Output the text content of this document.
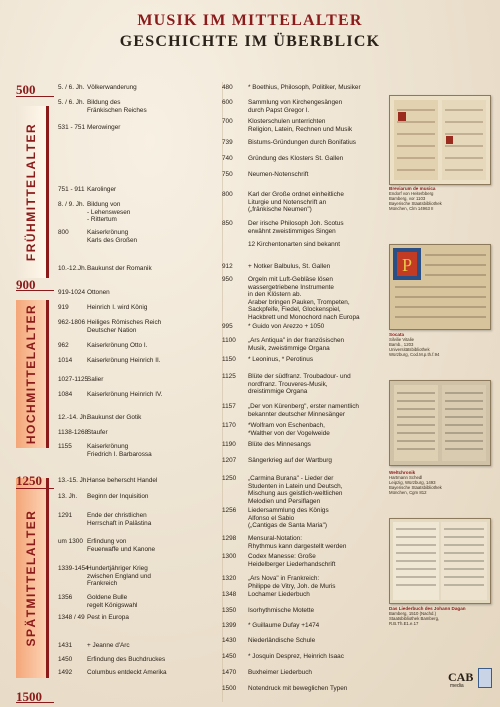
MUSIK IM MITTELALTER
GESCHICHTE IM ÜBERBLICK
FRÜHMITTELALTER
HOCHMITTELALTER
SPÄTMITTELALTER
500
900
1250
1500
5. / 6. Jh. Völkerwanderung
5. / 6. Jh. Bildung des
Fränkischen Reiches
531 - 751 Merowinger
751 - 911 Karolinger
8. / 9. Jh. Bildung von
- Lehenswesen
- Rittertum
800	Kaiserkrönung
Karls des Großen
10.-12.Jh. Baukunst der Romanik
919-1024 Ottonen
919	Heinrich I. wird König
962-1806 Heiliges Römisches Reich
Deutscher Nation
962	Kaiserkrönung Otto I.
1014	Kaiserkrönung Heinrich II.
1027-1125
Salier
1084	Kaiserkrönung Heinrich IV.
12.-14. Jh.
Baukunst der Gotik
1138-1268
Staufer
1155	Kaiserkrönung
Friedrich I. Barbarossa
13.-15. Jh.
Hanse beherscht Handel
13. Jh.	Beginn der Inquisition
1291	Ende der christlichen
Herrschaft in Palästina
um 1300 Erfindung von
Feuerwaffe und Kanone
1339-1454
Hundertjähriger Krieg
zwischen England und
Frankreich
1356	Goldene Bulle
regelt Königswahl
1348 / 49 Pest in Europa
1431	+ Jeanne d'Arc
1450	Erfindung des Buchdruckes
1492	Columbus entdeckt Amerika
480	* Boethius, Philosoph, Politiker, Musiker
600	Sammlung von Kirchengesängen
durch Papst Gregor I.
700	Klosterschulen unterrichten
Religion, Latein, Rechnen und Musik
739	Bistums-Gründungen durch Bonifatius
740	Gründung des Klosters St. Gallen
750	Neumen-Notenschrift
800	Karl der Große ordnet einheitliche
Liturgie und Notenschrift an
(„fränkische Neumen")
850	Der irische Philosoph Joh. Scotus
erwähnt zweistimmiges Singen
12 Kirchentonarten sind bekannt
912	+ Notker Balbulus, St. Gallen
950	Orgeln mit Luft-Gebläse lösen
wassergetriebene Instrumente
in den Klöstern ab.
Araber bringen Pauken, Trompeten,
Sackpfeife, Fiedel, Glockenspiel,
Hackbrett und Monochord nach Europa
995	* Guido von Arezzo + 1050
1100	„Ars Antiqua" in der französischen
Musik, zweistimmige Organa
1150	* Leoninus, * Perotinus
1125	Blüte der südfranz. Troubadour- und
nordfranz. Trouveres-Musik,
dreistimmige Organa
1157	„Der von Kürenberg", erster namentlich
bekannter deutscher Minnesänger
1170	*Wolfram von Eschenbach,
*Walther von der Vogelweide
1190	Blüte des Minnesangs
1207	Sängerkrieg auf der Wartburg
1250	„Carmina Burana" - Lieder der
Studenten in Latein und Deutsch,
Mischung aus geistlich-weltlichen
Melodien und Persiflagen
1256	Liedersammlung des Königs
Alfonso el Sabio
(„Cantigas de Santa Maria")
1298	Mensural-Notation:
Rhythmus kann dargestellt werden
1300	Codex Manesse: Große
Heidelberger Liederhandschrift
1320	„Ars Nova" in Frankreich:
Philippe de Vitry, Joh. de Muris
1348	Lochamer Liederbuch
1350	Isorhythmische Motette
1399	* Guillaume Dufay +1474
1430	Niederländische Schule
1450	* Josquin Desprez, Heinrich Isaac
1470	Buxheimer Liederbuch
1500	Notendruck mit beweglichen Typen
Breviarum de musica
Endorf von Heiterbberg
Bamberg, vor 1103
Bayerische Staatsbibliothek
München, Clm 14963 II
P
Socata
Silvilie Vitalie
Bamb., 1203
Universitätsbibliothek
Würzburg, Cod.M.p.th.f.94
Weltchronik
Hartmann Schedl
Leipzig, Würzburg, 1493
Bayerische Staatsbibliothek
München, Cgm 812
Das Liederbuch des Johann Dagan
Bamberg, 1510 (Nachd.)
Staatsbibliothek Bamberg,
R.B.Th.E1.e.17
CAB
media
